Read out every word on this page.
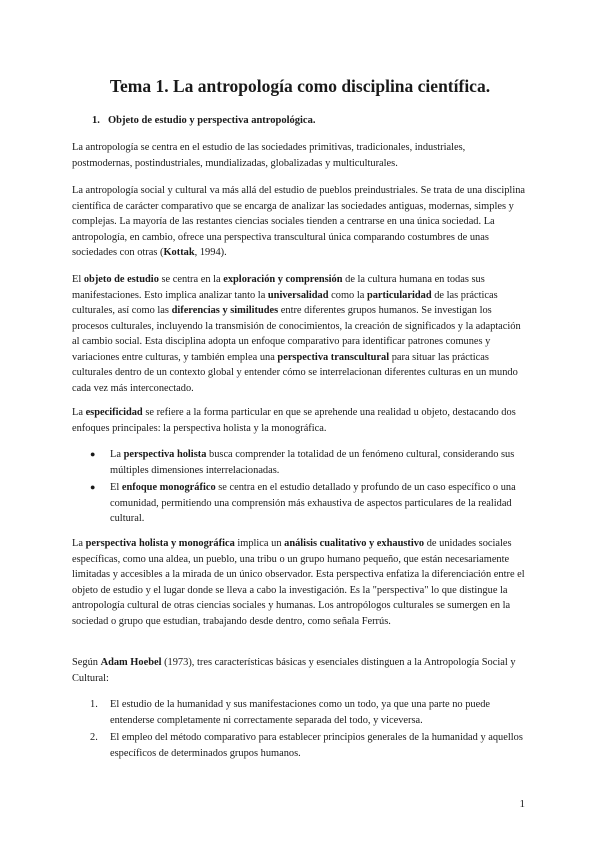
Tema 1. La antropología como disciplina científica.
1. Objeto de estudio y perspectiva antropológica.

La antropología se centra en el estudio de las sociedades primitivas, tradicionales, industriales, postmodernas, postindustriales, mundializadas, globalizadas y multiculturales.

La antropología social y cultural va más allá del estudio de pueblos preindustriales. Se trata de una disciplina científica de carácter comparativo que se encarga de analizar las sociedades antiguas, modernas, simples y complejas. La mayoría de las restantes ciencias sociales tienden a centrarse en una única sociedad. La antropología, en cambio, ofrece una perspectiva transcultural única comparando costumbres de unas sociedades con otras (Kottak, 1994).

El objeto de estudio se centra en la exploración y comprensión de la cultura humana en todas sus manifestaciones. Esto implica analizar tanto la universalidad como la particularidad de las prácticas culturales, así como las diferencias y similitudes entre diferentes grupos humanos. Se investigan los procesos culturales, incluyendo la transmisión de conocimientos, la creación de significados y la adaptación al cambio social. Esta disciplina adopta un enfoque comparativo para identificar patrones comunes y variaciones entre culturas, y también emplea una perspectiva transcultural para situar las prácticas culturales dentro de un contexto global y entender cómo se interrelacionan diferentes culturas en un mundo cada vez más interconectado.

La especificidad se refiere a la forma particular en que se aprehende una realidad u objeto, destacando dos enfoques principales: la perspectiva holista y la monográfica.

● La perspectiva holista busca comprender la totalidad de un fenómeno cultural, considerando sus múltiples dimensiones interrelacionadas.
● El enfoque monográfico se centra en el estudio detallado y profundo de un caso específico o una comunidad, permitiendo una comprensión más exhaustiva de aspectos particulares de la realidad cultural.

La perspectiva holista y monográfica implica un análisis cualitativo y exhaustivo de unidades sociales específicas, como una aldea, un pueblo, una tribu o un grupo humano pequeño, que están necesariamente limitadas y accesibles a la mirada de un único observador. Esta perspectiva enfatiza la diferenciación entre el objeto de estudio y el lugar donde se lleva a cabo la investigación. Es la "perspectiva" lo que distingue la antropología cultural de otras ciencias sociales y humanas. Los antropólogos culturales se sumergen en la sociedad o grupo que estudian, trabajando desde dentro, como señala Ferrús.

Según Adam Hoebel (1973), tres características básicas y esenciales distinguen a la Antropología Social y Cultural:

1. El estudio de la humanidad y sus manifestaciones como un todo, ya que una parte no puede entenderse completamente ni correctamente separada del todo, y viceversa.
2. El empleo del método comparativo para establecer principios generales de la humanidad y aquellos específicos de determinados grupos humanos.
1
